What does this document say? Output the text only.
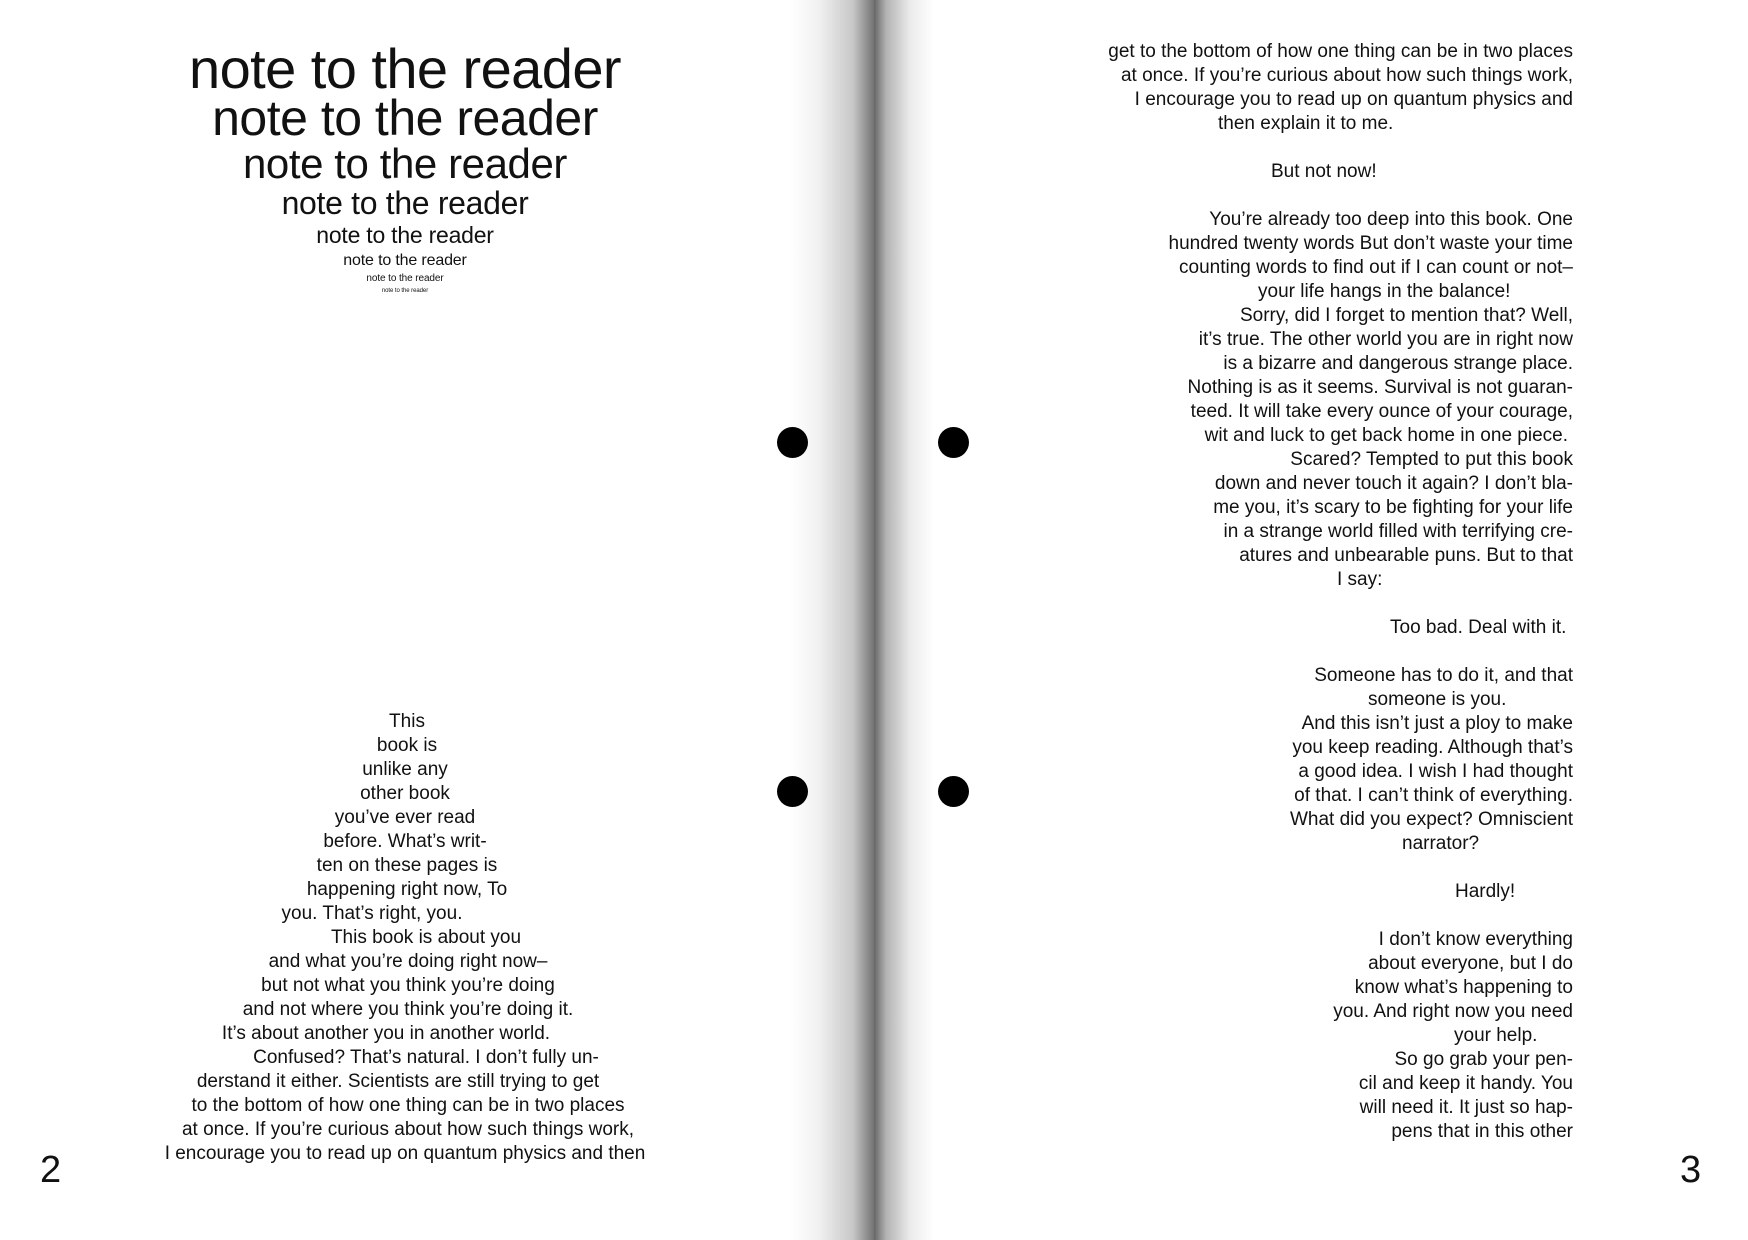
note to the reader
note to the reader
note to the reader
note to the reader
note to the reader
note to the reader
note to the reader
note to the reader
This
book is
unlike any
other book
you’ve ever read
before. What’s writ-
ten on these pages is
happening right now, To
you. That’s right, you.
This book is about you
and what you’re doing right now–
but not what you think you’re doing
and not where you think you’re doing it.
It’s about another you in another world.
Confused? That’s natural. I don’t fully un-
derstand it either. Scientists are still trying to get
to the bottom of how one thing can be in two places
at once. If you’re curious about how such things work,
I encourage you to read up on quantum physics and then
2
get to the bottom of how one thing can be in two places
at once. If you’re curious about how such things work,
I encourage you to read up on quantum physics and
then explain it to me.
But not now!
You’re already too deep into this book. One
hundred twenty words But don’t waste your time
counting words to find out if I can count or not–
your life hangs in the balance!
Sorry, did I forget to mention that? Well,
it’s true. The other world you are in right now
is a bizarre and dangerous strange place.
Nothing is as it seems. Survival is not guaran-
teed. It will take every ounce of your courage,
wit and luck to get back home in one piece.
Scared? Tempted to put this book
down and never touch it again? I don’t bla-
me you, it’s scary to be fighting for your life
in a strange world filled with terrifying cre-
atures and unbearable puns. But to that
I say:
Too bad. Deal with it.
Someone has to do it, and that
someone is you.
And this isn’t just a ploy to make
you keep reading. Although that’s
a good idea. I wish I had thought
of that. I can’t think of everything.
What did you expect? Omniscient
narrator?
Hardly!
I don’t know everything
about everyone, but I do
know what’s happening to
you. And right now you need
your help.
So go grab your pen-
cil and keep it handy. You
will need it. It just so hap-
pens that in this other
3
